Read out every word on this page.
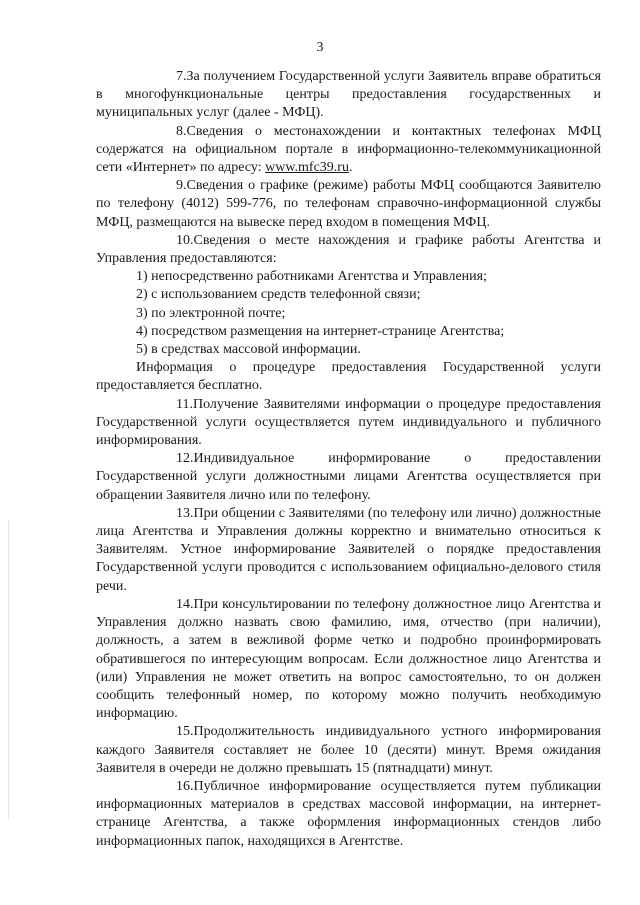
3

7.За получением Государственной услуги Заявитель вправе обратиться в многофункциональные центры предоставления государственных и муниципальных услуг (далее - МФЦ).

8.Сведения о местонахождении и контактных телефонах МФЦ содержатся на официальном портале в информационно-телекоммуникационной сети «Интернет» по адресу: www.mfc39.ru.

9.Сведения о графике (режиме) работы МФЦ сообщаются Заявителю по телефону (4012) 599-776, по телефонам справочно-информационной службы МФЦ, размещаются на вывеске перед входом в помещения МФЦ.

10.Сведения о месте нахождения и графике работы Агентства и Управления предоставляются:

1) непосредственно работниками Агентства и Управления;

2) с использованием средств телефонной связи;

3) по электронной почте;

4) посредством размещения на интернет-странице Агентства;

5) в средствах массовой информации.

Информация о процедуре предоставления Государственной услуги предоставляется бесплатно.

11.Получение Заявителями информации о процедуре предоставления Государственной услуги осуществляется путем индивидуального и публичного информирования.

12.Индивидуальное информирование о предоставлении Государственной услуги должностными лицами Агентства осуществляется при обращении Заявителя лично или по телефону.

13.При общении с Заявителями (по телефону или лично) должностные лица Агентства и Управления должны корректно и внимательно относиться к Заявителям. Устное информирование Заявителей о порядке предоставления Государственной услуги проводится с использованием официально-делового стиля речи.

14.При консультировании по телефону должностное лицо Агентства и Управления должно назвать свою фамилию, имя, отчество (при наличии), должность, а затем в вежливой форме четко и подробно проинформировать обратившегося по интересующим вопросам. Если должностное лицо Агентства и (или) Управления не может ответить на вопрос самостоятельно, то он должен сообщить телефонный номер, по которому можно получить необходимую информацию.

15.Продолжительность индивидуального устного информирования каждого Заявителя составляет не более 10 (десяти) минут. Время ожидания Заявителя в очереди не должно превышать 15 (пятнадцати) минут.

16.Публичное информирование осуществляется путем публикации информационных материалов в средствах массовой информации, на интернет-странице Агентства, а также оформления информационных стендов либо информационных папок, находящихся в Агентстве.
